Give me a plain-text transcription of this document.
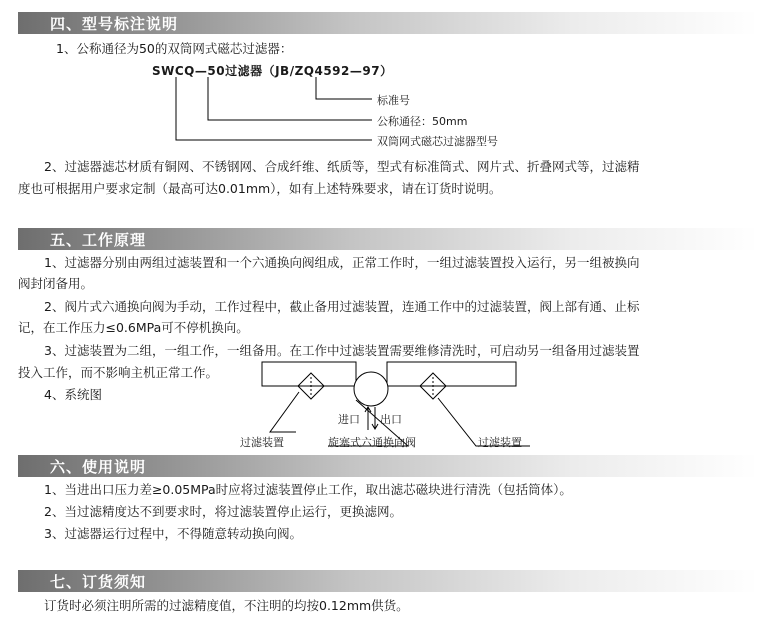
四、型号标注说明
1、公称通径为50的双筒网式磁芯过滤器：
SWCQ—50过滤器（JB/ZQ4592—97）
标准号
公称通径：50mm
双筒网式磁芯过滤器型号
2、过滤器滤芯材质有铜网、不锈钢网、合成纤维、纸质等，型式有标准筒式、网片式、折叠网式等，过滤精
度也可根据用户要求定制（最高可达0.01mm），如有上述特殊要求，请在订货时说明。
五、工作原理
1、过滤器分别由两组过滤装置和一个六通换向阀组成，正常工作时，一组过滤装置投入运行，另一组被换向
阀封闭备用。
2、阀片式六通换向阀为手动，工作过程中，截止备用过滤装置，连通工作中的过滤装置，阀上部有通、止标
记，在工作压力≤0.6MPa可不停机换向。
3、过滤装置为二组，一组工作，一组备用。在工作中过滤装置需要维修清洗时，可启动另一组备用过滤装置
投入工作，而不影响主机正常工作。
4、系统图
进口 出口
过滤装置	旋塞式六通换向阀	过滤装置
六、使用说明
1、当进出口压力差≥0.05MPa时应将过滤装置停止工作，取出滤芯磁块进行清洗（包括筒体）。
2、当过滤精度达不到要求时，将过滤装置停止运行，更换滤网。
3、过滤器运行过程中，不得随意转动换向阀。
七、订货须知
订货时必须注明所需的过滤精度值，不注明的均按0.12mm供货。
